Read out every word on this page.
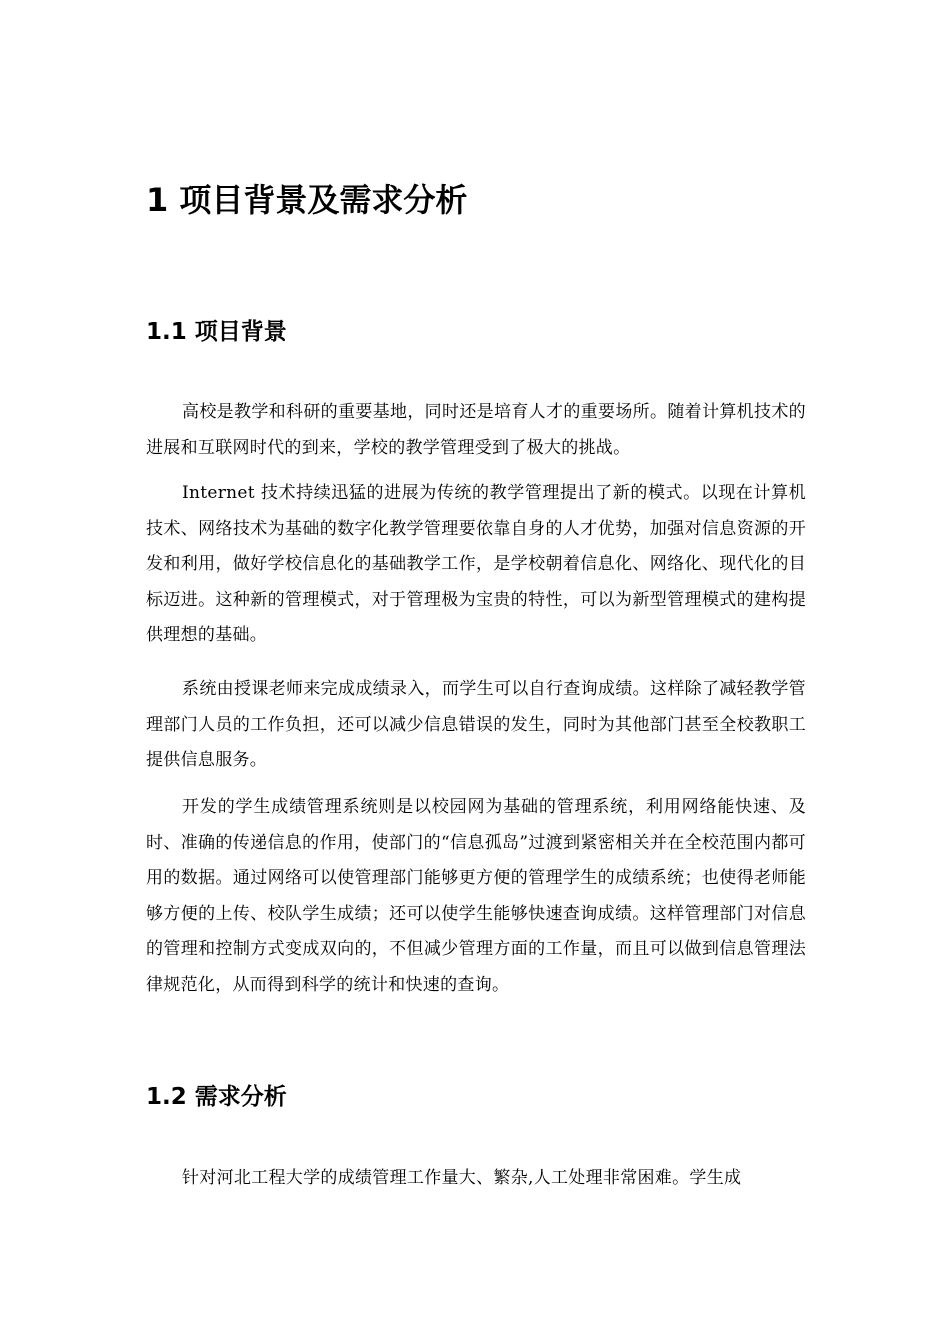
1 项目背景及需求分析
1.1 项目背景
高校是教学和科研的重要基地，同时还是培育人才的重要场所。随着计算机技术的进展和互联网时代的到来，学校的教学管理受到了极大的挑战。
Internet 技术持续迅猛的进展为传统的教学管理提出了新的模式。以现在计算机技术、网络技术为基础的数字化教学管理要依靠自身的人才优势，加强对信息资源的开发和利用，做好学校信息化的基础教学工作，是学校朝着信息化、网络化、现代化的目标迈进。这种新的管理模式，对于管理极为宝贵的特性，可以为新型管理模式的建构提供理想的基础。
系统由授课老师来完成成绩录入，而学生可以自行查询成绩。这样除了减轻教学管理部门人员的工作负担，还可以减少信息错误的发生，同时为其他部门甚至全校教职工提供信息服务。
开发的学生成绩管理系统则是以校园网为基础的管理系统，利用网络能快速、及时、准确的传递信息的作用，使部门的“信息孤岛”过渡到紧密相关并在全校范围内都可用的数据。通过网络可以使管理部门能够更方便的管理学生的成绩系统；也使得老师能够方便的上传、校队学生成绩；还可以使学生能够快速查询成绩。这样管理部门对信息的管理和控制方式变成双向的，不但减少管理方面的工作量，而且可以做到信息管理法律规范化，从而得到科学的统计和快速的查询。
1.2 需求分析
针对河北工程大学的成绩管理工作量大、繁杂,人工处理非常困难。学生成
